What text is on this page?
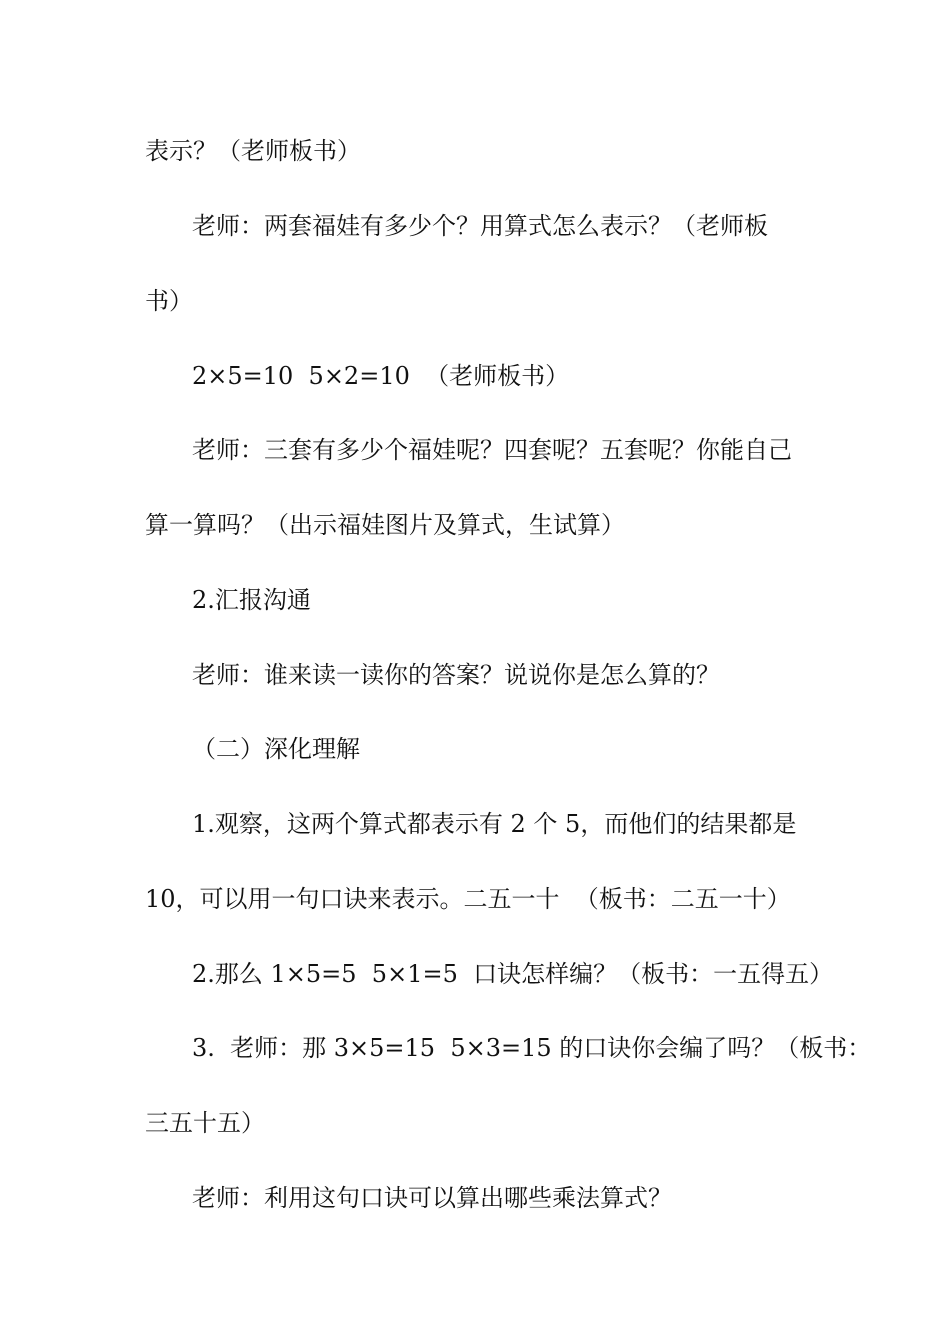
表示？（老师板书）
老师：两套福娃有多少个？用算式怎么表示？（老师板
书）
2×5=10  5×2=10  （老师板书）
老师：三套有多少个福娃呢？四套呢？五套呢？你能自己
算一算吗？（出示福娃图片及算式，生试算）
2.汇报沟通
老师：谁来读一读你的答案？说说你是怎么算的？
（二）深化理解
1.观察，这两个算式都表示有 2 个 5，而他们的结果都是
10，可以用一句口诀来表示。二五一十  （板书：二五一十）
2.那么 1×5=5  5×1=5  口诀怎样编？（板书：一五得五）
3.  老师：那 3×5=15  5×3=15 的口诀你会编了吗？（板书：
三五十五）
老师：利用这句口诀可以算出哪些乘法算式？
